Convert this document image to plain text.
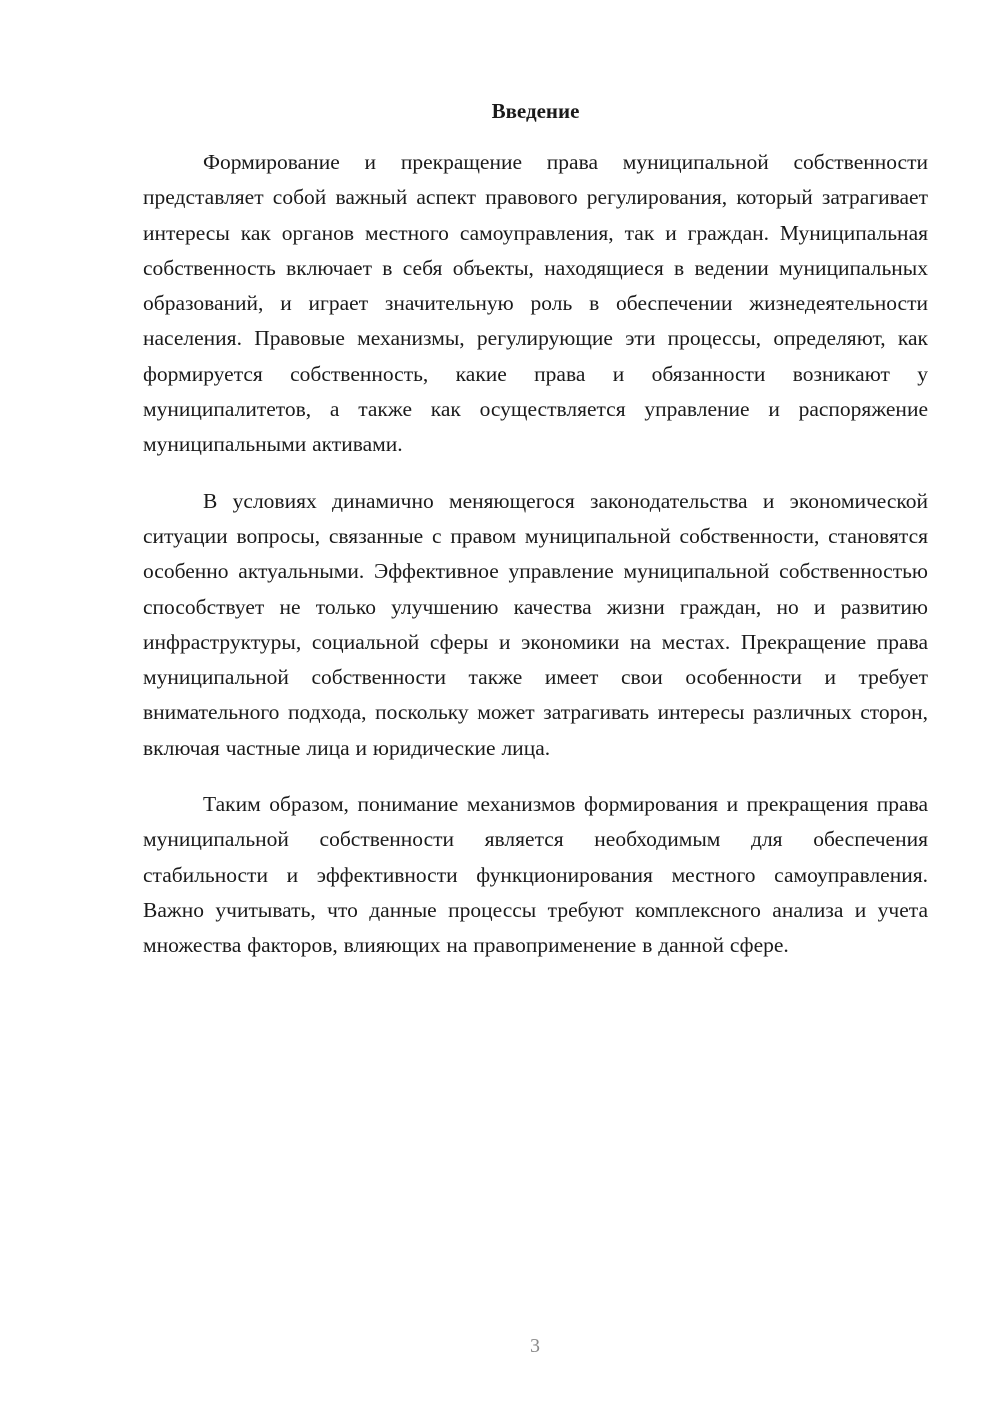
Введение

Формирование и прекращение права муниципальной собственности представляет собой важный аспект правового регулирования, который затрагивает интересы как органов местного самоуправления, так и граждан. Муниципальная собственность включает в себя объекты, находящиеся в ведении муниципальных образований, и играет значительную роль в обеспечении жизнедеятельности населения. Правовые механизмы, регулирующие эти процессы, определяют, как формируется собственность, какие права и обязанности возникают у муниципалитетов, а также как осуществляется управление и распоряжение муниципальными активами.

В условиях динамично меняющегося законодательства и экономической ситуации вопросы, связанные с правом муниципальной собственности, становятся особенно актуальными. Эффективное управление муниципальной собственностью способствует не только улучшению качества жизни граждан, но и развитию инфраструктуры, социальной сферы и экономики на местах. Прекращение права муниципальной собственности также имеет свои особенности и требует внимательного подхода, поскольку может затрагивать интересы различных сторон, включая частные лица и юридические лица.

Таким образом, понимание механизмов формирования и прекращения права муниципальной собственности является необходимым для обеспечения стабильности и эффективности функционирования местного самоуправления. Важно учитывать, что данные процессы требуют комплексного анализа и учета множества факторов, влияющих на правоприменение в данной сфере.

3
